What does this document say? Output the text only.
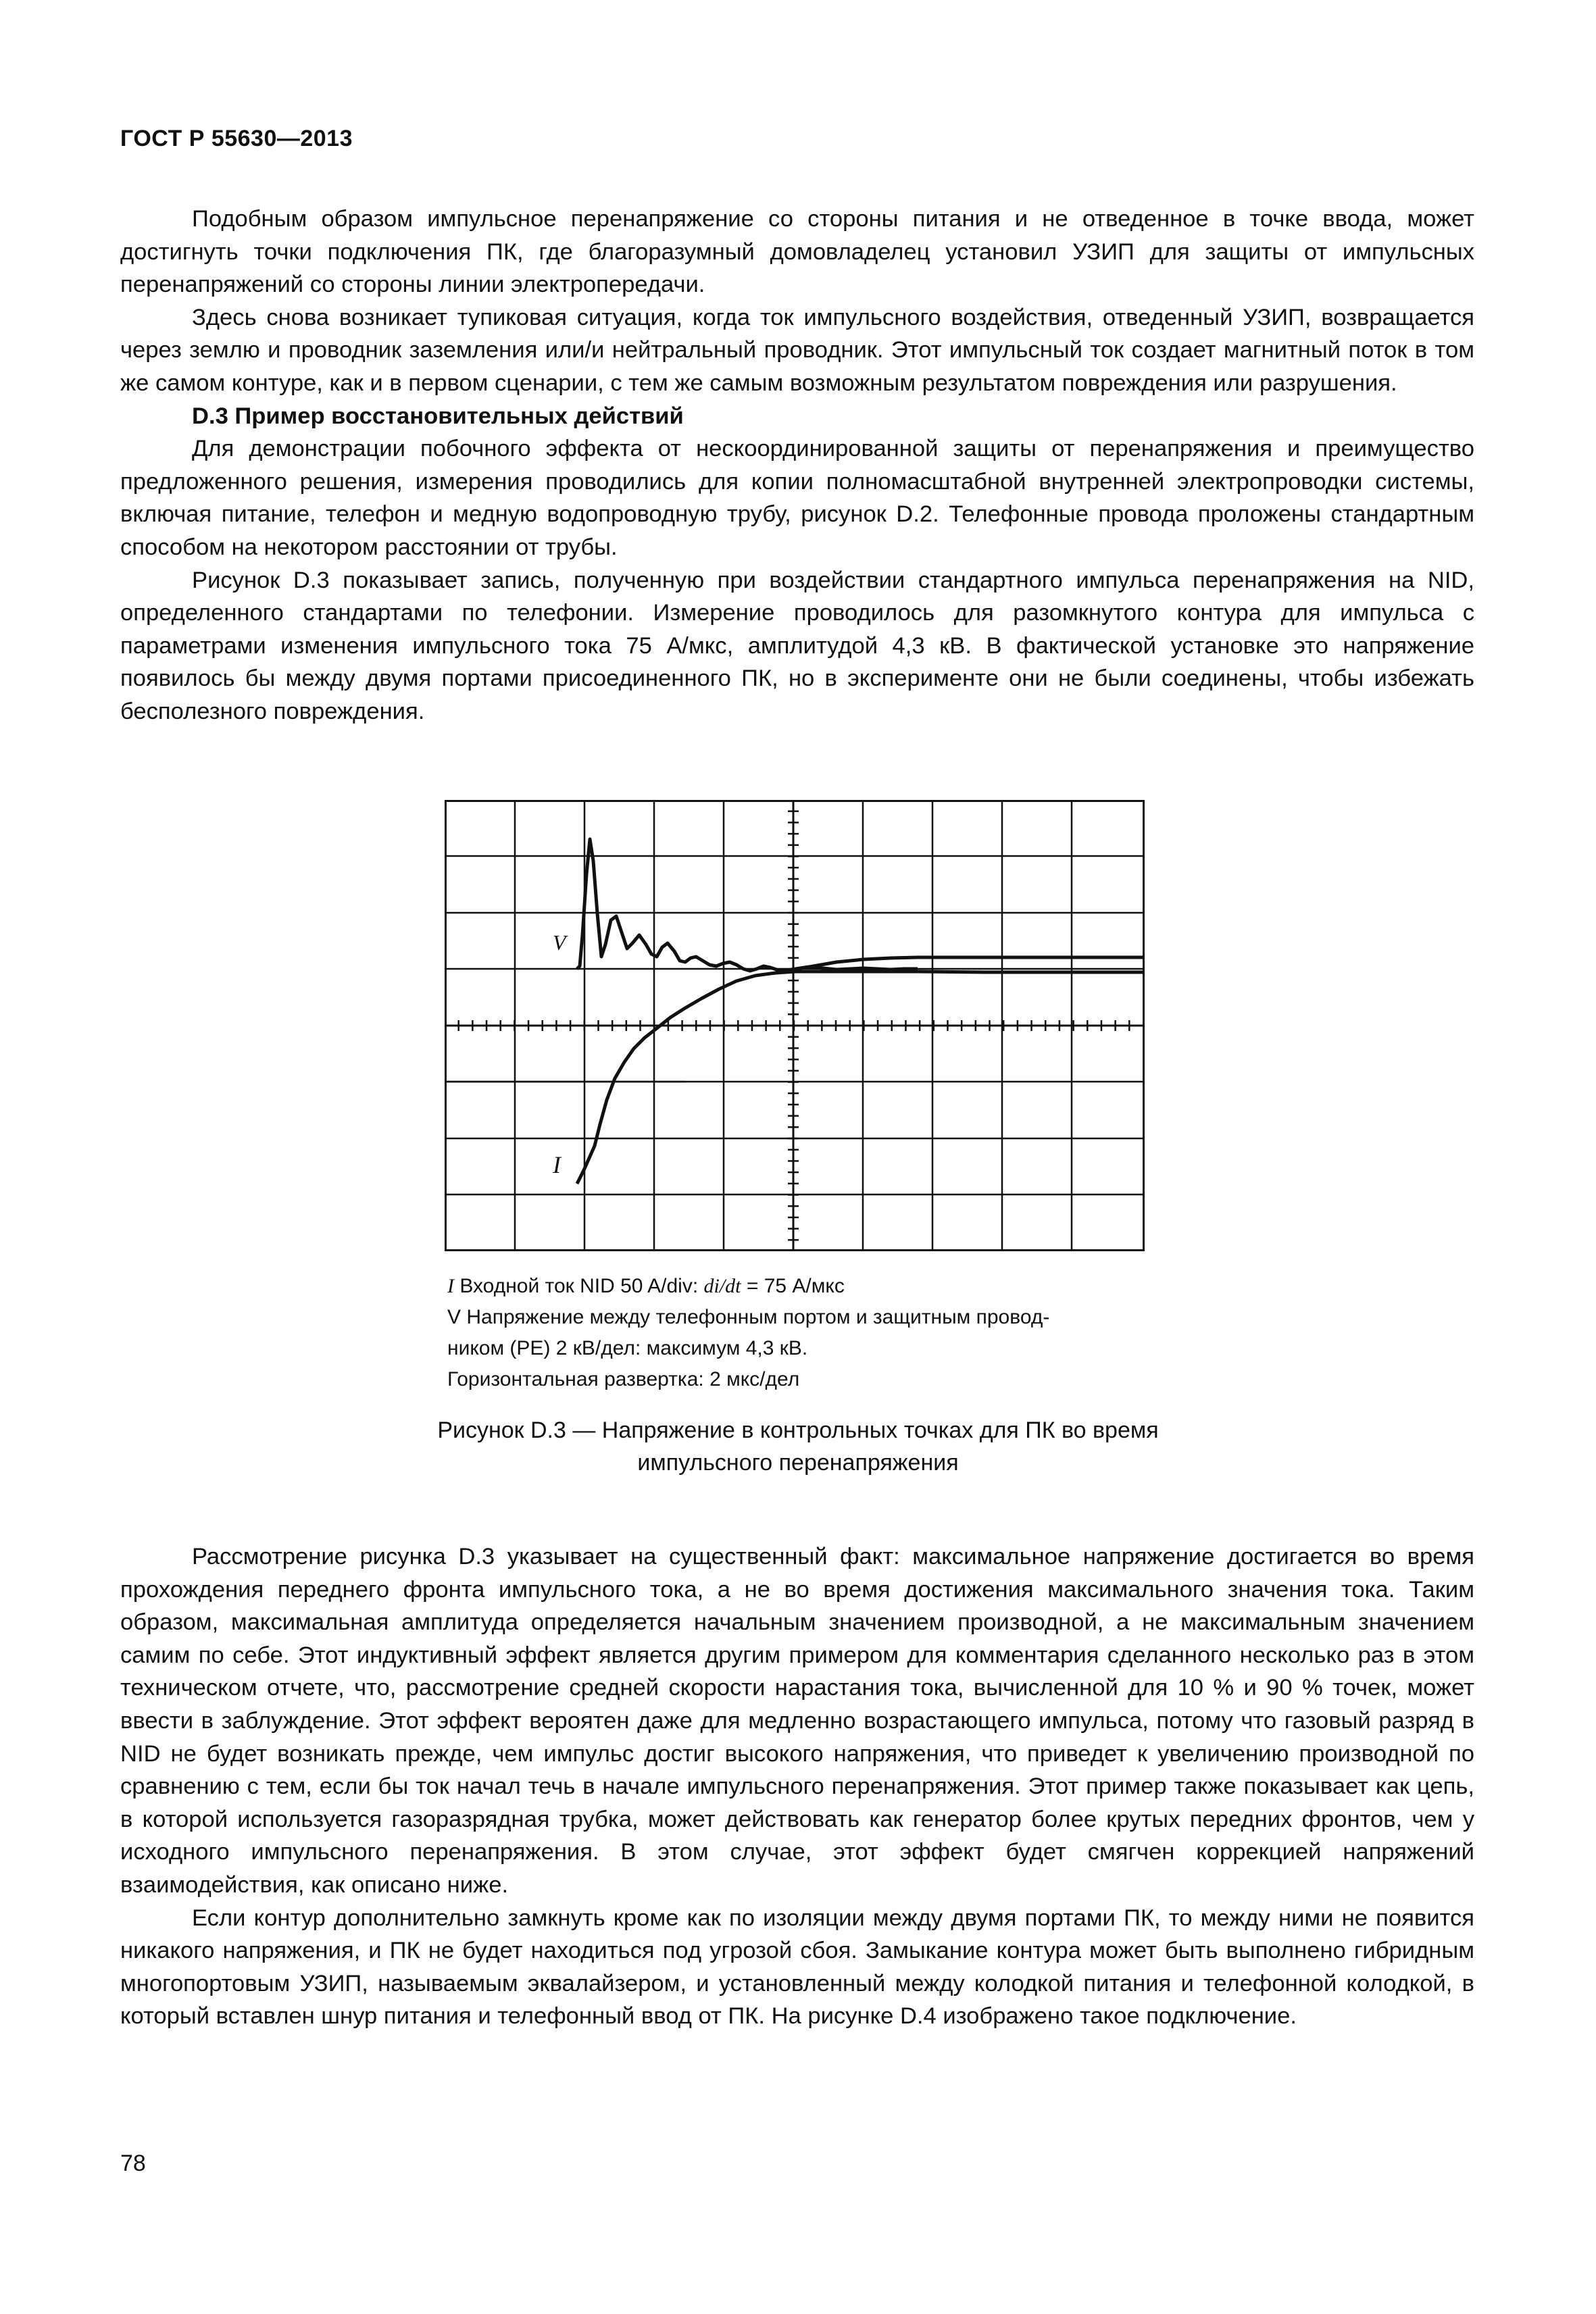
ГОСТ Р 55630—2013

Подобным образом импульсное перенапряжение со стороны питания и не отведенное в точке ввода, может достигнуть точки подключения ПК, где благоразумный домовладелец установил УЗИП для защиты от импульсных перенапряжений со стороны линии электропередачи.

Здесь снова возникает тупиковая ситуация, когда ток импульсного воздействия, отведенный УЗИП, возвращается через землю и проводник заземления или/и нейтральный проводник. Этот импульсный ток создает магнитный поток в том же самом контуре, как и в первом сценарии, с тем же самым возможным результатом повреждения или разрушения.

D.3 Пример восстановительных действий

Для демонстрации побочного эффекта от нескоординированной защиты от перенапряжения и преимущество предложенного решения, измерения проводились для копии полномасштабной внутренней электропроводки системы, включая питание, телефон и медную водопроводную трубу, рисунок D.2. Телефонные провода проложены стандартным способом на некотором расстоянии от трубы.

Рисунок D.3 показывает запись, полученную при воздействии стандартного импульса перенапряжения на NID, определенного стандартами по телефонии. Измерение проводилось для разомкнутого контура для импульса с параметрами изменения импульсного тока 75 А/мкс, амплитудой 4,3 кВ. В фактической установке это напряжение появилось бы между двумя портами присоединенного ПК, но в эксперименте они не были соединены, чтобы избежать бесполезного повреждения.

V
I
I Входной ток NID 50 A/div: di/dt = 75 А/мкс
V Напряжение между телефонным портом и защитным провод-
ником (PE) 2 кВ/дел: максимум 4,3 кВ.
Горизонтальная развертка: 2 мкс/дел
Рисунок D.3 — Напряжение в контрольных точках для ПК во время
импульсного перенапряжения

Рассмотрение рисунка D.3 указывает на существенный факт: максимальное напряжение достигается во время прохождения переднего фронта импульсного тока, а не во время достижения максимального значения тока. Таким образом, максимальная амплитуда определяется начальным значением производной, а не максимальным значением самим по себе. Этот индуктивный эффект является другим примером для комментария сделанного несколько раз в этом техническом отчете, что, рассмотрение средней скорости нарастания тока, вычисленной для 10 % и 90 % точек, может ввести в заблуждение. Этот эффект вероятен даже для медленно возрастающего импульса, потому что газовый разряд в NID не будет возникать прежде, чем импульс достиг высокого напряжения, что приведет к увеличению производной по сравнению с тем, если бы ток начал течь в начале импульсного перенапряжения. Этот пример также показывает как цепь, в которой используется газоразрядная трубка, может действовать как генератор более крутых передних фронтов, чем у исходного импульсного перенапряжения. В этом случае, этот эффект будет смягчен коррекцией напряжений взаимодействия, как описано ниже.

Если контур дополнительно замкнуть кроме как по изоляции между двумя портами ПК, то между ними не появится никакого напряжения, и ПК не будет находиться под угрозой сбоя. Замыкание контура может быть выполнено гибридным многопортовым УЗИП, называемым эквалайзером, и установленный между колодкой питания и телефонной колодкой, в который вставлен шнур питания и телефонный ввод от ПК. На рисунке D.4 изображено такое подключение.

78
